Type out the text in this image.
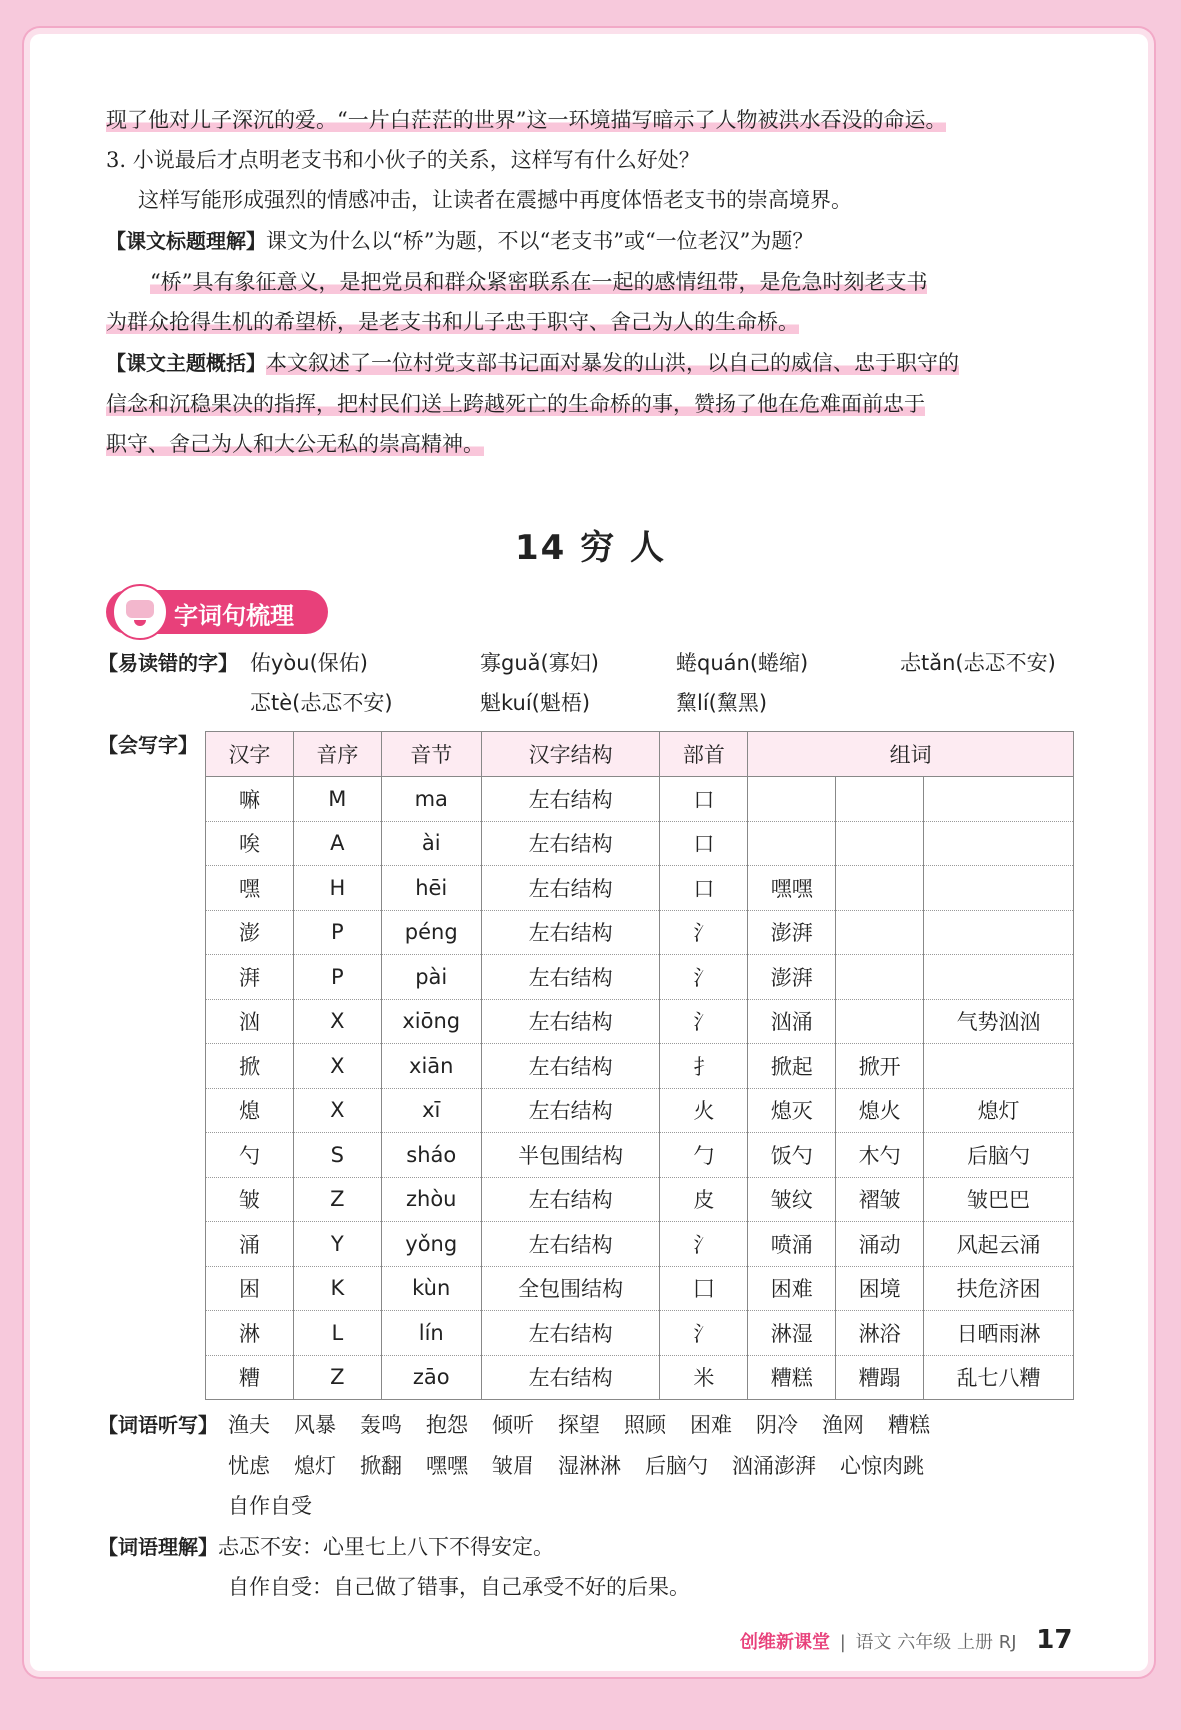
现了他对儿子深沉的爱。“一片白茫茫的世界”这一环境描写暗示了人物被洪水吞没的命运。
3. 小说最后才点明老支书和小伙子的关系，这样写有什么好处？
这样写能形成强烈的情感冲击，让读者在震撼中再度体悟老支书的崇高境界。
【课文标题理解】课文为什么以“桥”为题，不以“老支书”或“一位老汉”为题？
“桥”具有象征意义，是把党员和群众紧密联系在一起的感情纽带，是危急时刻老支书
为群众抢得生机的希望桥，是老支书和儿子忠于职守、舍己为人的生命桥。
【课文主题概括】本文叙述了一位村党支部书记面对暴发的山洪，以自己的威信、忠于职守的
信念和沉稳果决的指挥，把村民们送上跨越死亡的生命桥的事，赞扬了他在危难面前忠于
职守、舍己为人和大公无私的崇高精神。
14 穷 人
字词句梳理
【易读错的字】 佑yòu(保佑)	寡guǎ(寡妇)	蜷quán(蜷缩)	忐tǎn(忐忑不安)
忑tè(忐忑不安)	魁kuí(魁梧)	黧lí(黧黑)
【会写字】 汉字	音序	音节	汉字结构	部首	组词		
嘛	M	ma	左右结构	口			
唉	A	ài	左右结构	口			
嘿	H	hēi	左右结构	口	嘿嘿		
澎	P	péng	左右结构	氵	澎湃		
湃	P	pài	左右结构	氵	澎湃		
汹	X	xiōng	左右结构	氵	汹涌		气势汹汹
掀	X	xiān	左右结构	扌	掀起	掀开	
熄	X	xī	左右结构	火	熄灭	熄火	熄灯
勺	S	sháo	半包围结构	勹	饭勺	木勺	后脑勺
皱	Z	zhòu	左右结构	皮	皱纹	褶皱	皱巴巴
涌	Y	yǒng	左右结构	氵	喷涌	涌动	风起云涌
困	K	kùn	全包围结构	囗	困难	困境	扶危济困
淋	L	lín	左右结构	氵	淋湿	淋浴	日晒雨淋
糟	Z	zāo	左右结构	米	糟糕	糟蹋	乱七八糟
【词语听写】 渔夫 风暴 轰鸣 抱怨 倾听 探望 照顾 困难 阴冷 渔网 糟糕
忧虑 熄灯 掀翻 嘿嘿 皱眉 湿淋淋 后脑勺 汹涌澎湃 心惊肉跳
自作自受
【词语理解】忐忑不安：心里七上八下不得安定。
自作自受：自己做了错事，自己承受不好的后果。
创维新课堂 | 语文 六年级 上册 RJ 17
